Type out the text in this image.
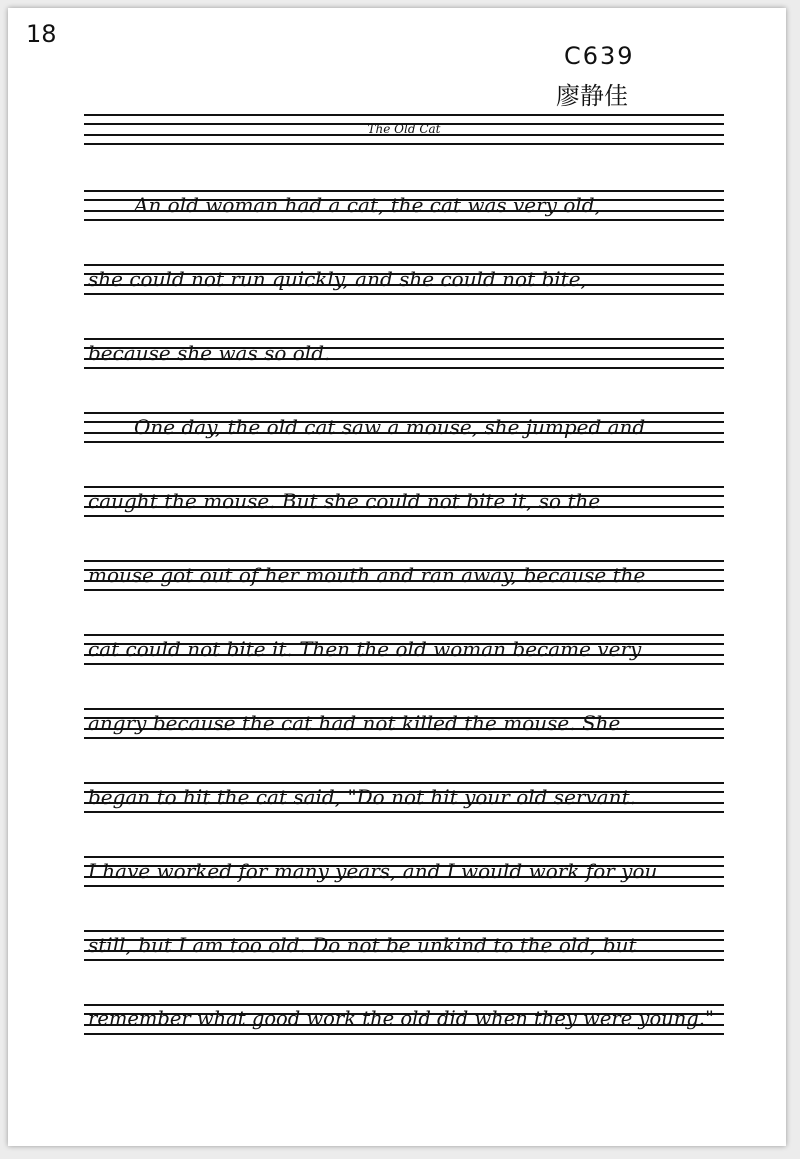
18
C639
廖静佳
The Old Cat
An old woman had a cat, the cat was very old,
she could not run quickly, and she could not bite,
because she was so old.
One day, the old cat saw a mouse, she jumped and
caught the mouse. But she could not bite it, so the
mouse got out of her mouth and ran away, because the
cat could not bite it. Then the old woman became very
angry because the cat had not killed the mouse. She
began to hit the cat said, "Do not hit your old servant.
I have worked for many years, and I would work for you
still, but I am too old. Do not be unkind to the old, but
remember what good work the old did when they were young."
